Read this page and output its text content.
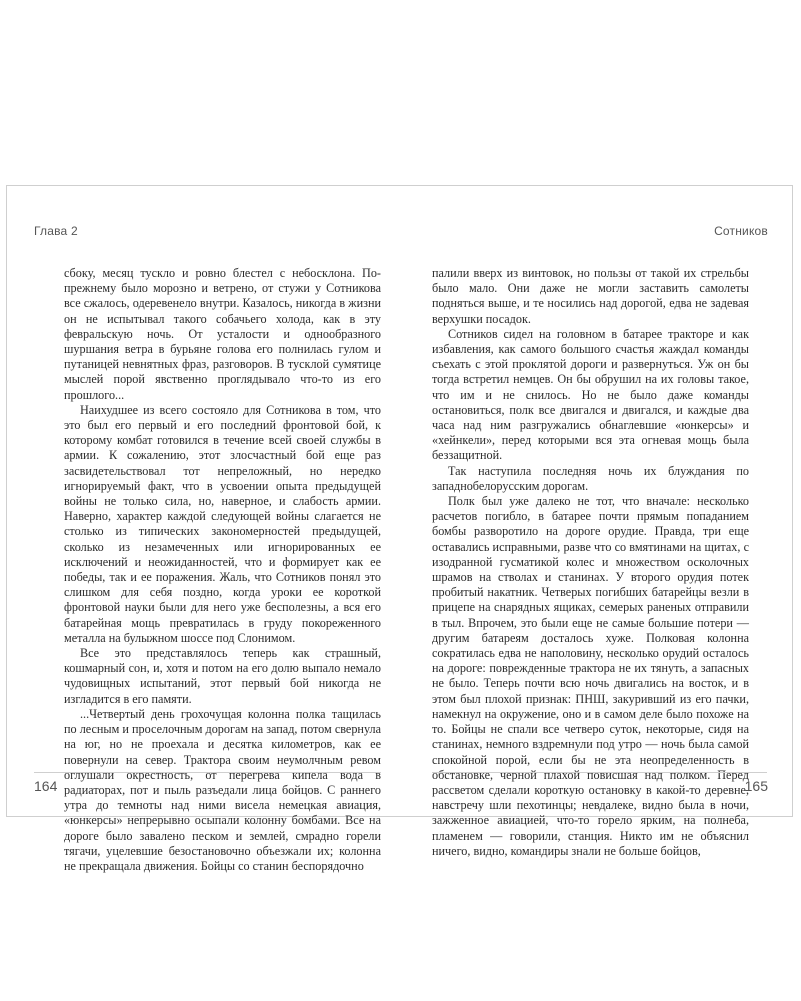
Глава 2

сбоку, месяц тускло и ровно блестел с небосклона. По-прежнему было морозно и ветрено, от стужи у Сотникова все сжалось, одеревенело внутри. Казалось, никогда в жизни он не испытывал такого собачьего холода, как в эту февральскую ночь. От усталости и однообразного шуршания ветра в бурьяне голова его полнилась гулом и путаницей невнятных фраз, разговоров. В тусклой сумятице мыслей порой явственно проглядывало что-то из его прошлого...

Наихудшее из всего состояло для Сотникова в том, что это был его первый и его последний фронтовой бой, к которому комбат готовился в течение всей своей службы в армии. К сожалению, этот злосчастный бой еще раз засвидетельствовал тот непреложный, но нередко игнорируемый факт, что в усвоении опыта предыдущей войны не только сила, но, наверное, и слабость армии. Наверно, характер каждой следующей войны слагается не столько из типических закономерностей предыдущей, сколько из незамеченных или игнорированных ее исключений и неожиданностей, что и формирует как ее победы, так и ее поражения. Жаль, что Сотников понял это слишком для себя поздно, когда уроки ее короткой фронтовой науки были для него уже бесполезны, а вся его батарейная мощь превратилась в груду покореженного металла на булыжном шоссе под Слонимом.

Все это представлялось теперь как страшный, кошмарный сон, и, хотя и потом на его долю выпало немало чудовищных испытаний, этот первый бой никогда не изгладится в его памяти.

...Четвертый день грохочущая колонна полка тащилась по лесным и проселочным дорогам на запад, потом свернула на юг, но не проехала и десятка километров, как ее повернули на север. Трактора своим неумолчным ревом оглушали окрестность, от перегрева кипела вода в радиаторах, пот и пыль разъедали лица бойцов. С раннего утра до темноты над ними висела немецкая авиация, «юнкерсы» непрерывно осыпали колонну бомбами. Все на дороге было завалено песком и землей, смрадно горели тягачи, уцелевшие безостановочно объезжали их; колонна не прекращала движения. Бойцы со станин беспорядочно

164
Сотников

палили вверх из винтовок, но пользы от такой их стрельбы было мало. Они даже не могли заставить самолеты подняться выше, и те носились над дорогой, едва не задевая верхушки посадок.

Сотников сидел на головном в батарее тракторе и как избавления, как самого большого счастья жаждал команды съехать с этой проклятой дороги и развернуться. Уж он бы тогда встретил немцев. Он бы обрушил на их головы такое, что им и не снилось. Но не было даже команды остановиться, полк все двигался и двигался, и каждые два часа над ним разгружались обнаглевшие «юнкерсы» и «хейнкели», перед которыми вся эта огневая мощь была беззащитной.

Так наступила последняя ночь их блуждания по западнобелорусским дорогам.

Полк был уже далеко не тот, что вначале: несколько расчетов погибло, в батарее почти прямым попаданием бомбы разворотило на дороге орудие. Правда, три еще оставались исправными, разве что со вмятинами на щитах, с изодранной гусматикой колес и множеством осколочных шрамов на стволах и станинах. У второго орудия потек пробитый накатник. Четверых погибших батарейцы везли в прицепе на снарядных ящиках, семерых раненых отправили в тыл. Впрочем, это были еще не самые большие потери — другим батареям досталось хуже. Полковая колонна сократилась едва не наполовину, несколько орудий осталось на дороге: поврежденные трактора не их тянуть, а запасных не было. Теперь почти всю ночь двигались на восток, и в этом был плохой признак: ПНШ, закуривший из его пачки, намекнул на окружение, оно и в самом деле было похоже на то. Бойцы не спали все четверо суток, некоторые, сидя на станинах, немного вздремнули под утро — ночь была самой спокойной порой, если бы не эта неопределенность в обстановке, черной плахой повисшая над полком. Перед рассветом сделали короткую остановку в какой-то деревне, навстречу шли пехотинцы; невдалеке, видно была в ночи, зажженное авиацией, что-то горело ярким, на полнеба, пламенем — говорили, станция. Никто им не объяснил ничего, видно, командиры знали не больше бойцов,

165
